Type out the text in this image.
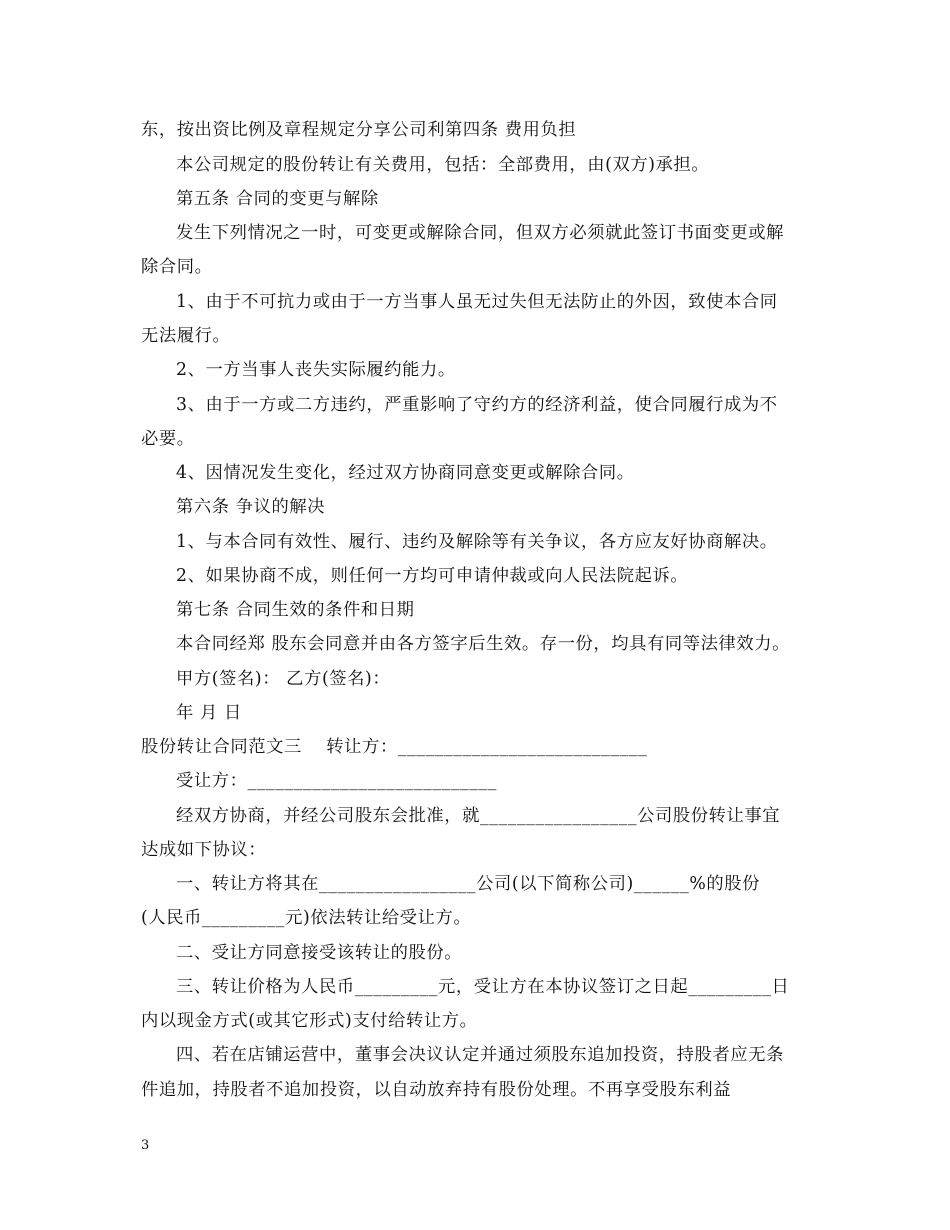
东，按出资比例及章程规定分享公司利第四条 费用负担
本公司规定的股份转让有关费用，包括：全部费用，由(双方)承担。
第五条 合同的变更与解除
发生下列情况之一时，可变更或解除合同，但双方必须就此签订书面变更或解
除合同。
1、由于不可抗力或由于一方当事人虽无过失但无法防止的外因，致使本合同
无法履行。
2、一方当事人丧失实际履约能力。
3、由于一方或二方违约，严重影响了守约方的经济利益，使合同履行成为不
必要。
4、因情况发生变化，经过双方协商同意变更或解除合同。
第六条 争议的解决
1、与本合同有效性、履行、违约及解除等有关争议，各方应友好协商解决。
2、如果协商不成，则任何一方均可申请仲裁或向人民法院起诉。
第七条 合同生效的条件和日期
本合同经郑 股东会同意并由各方签字后生效。存一份，均具有同等法律效力。
甲方(签名)： 乙方(签名)：
年 月 日
股份转让合同范文三    转让方：___________________________
受让方：___________________________
经双方协商，并经公司股东会批准，就_________________公司股份转让事宜
达成如下协议：
一、转让方将其在_________________公司(以下简称公司)______%的股份
(人民币_________元)依法转让给受让方。
二、受让方同意接受该转让的股份。
三、转让价格为人民币_________元，受让方在本协议签订之日起_________日
内以现金方式(或其它形式)支付给转让方。
四、若在店铺运营中，董事会决议认定并通过须股东追加投资，持股者应无条
件追加，持股者不追加投资，以自动放弃持有股份处理。不再享受股东利益
3
